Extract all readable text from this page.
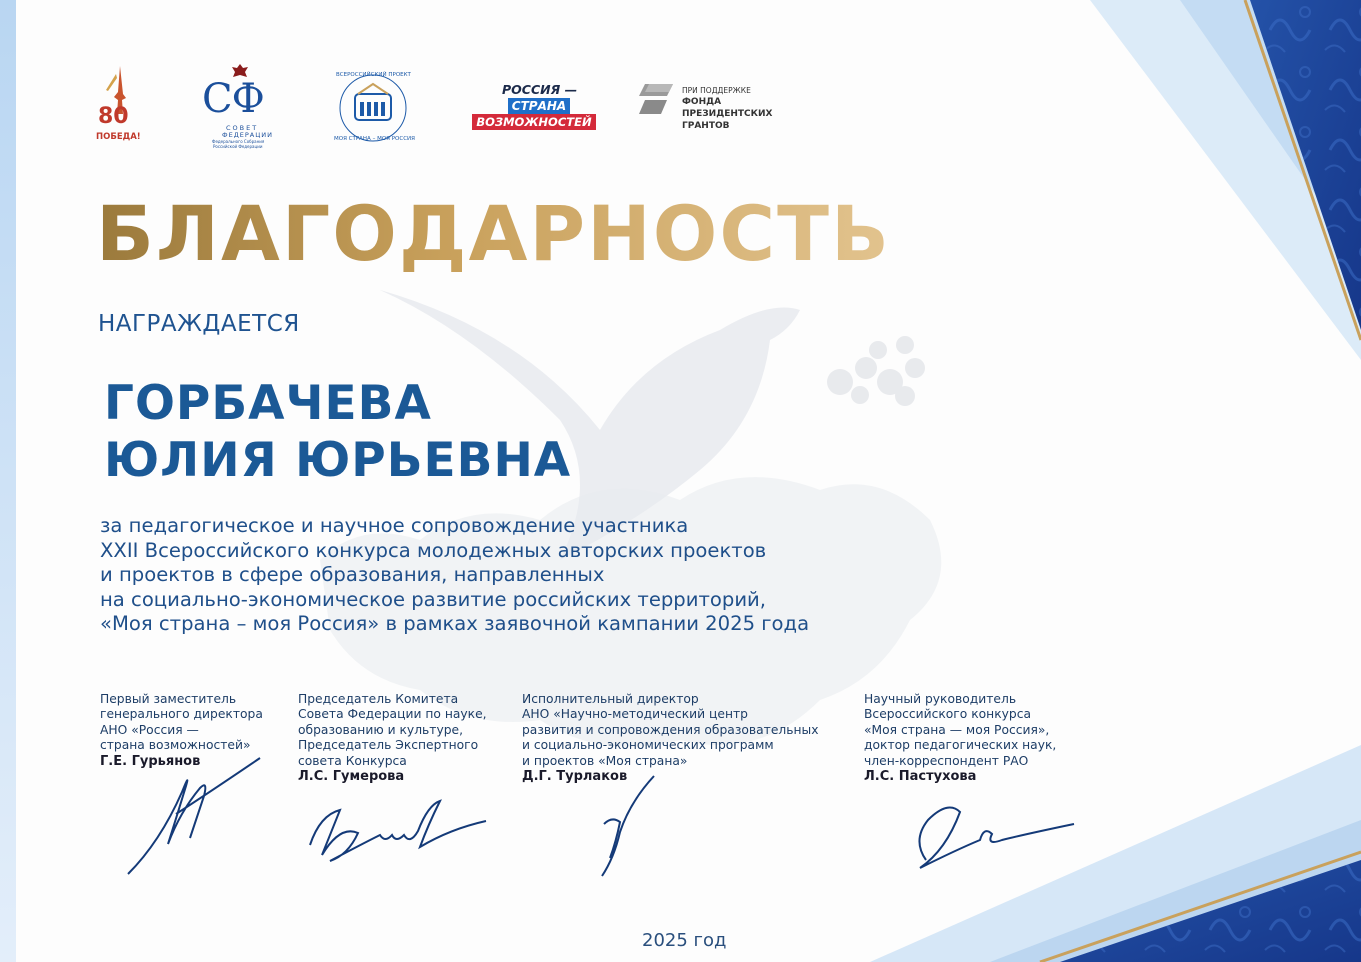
80
ПОБЕДА!
СФ
СОВЕТ
ФЕДЕРАЦИИ
Федерального Собрания
Российской Федерации
ВСЕРОССИЙСКИЙ ПРОЕКТ
МОЯ СТРАНА – МОЯ РОССИЯ
РОССИЯ —
СТРАНА
ВОЗМОЖНОСТЕЙ
ПРИ ПОДДЕРЖКЕ
ФОНДА
ПРЕЗИДЕНТСКИХ
ГРАНТОВ
БЛАГОДАРНОСТЬ
НАГРАЖДАЕТСЯ
ГОРБАЧЕВА
ЮЛИЯ ЮРЬЕВНА
за педагогическое и научное сопровождение участника
XXII Всероссийского конкурса молодежных авторских проектов
и проектов в сфере образования, направленных
на социально-экономическое развитие российских территорий,
«Моя страна – моя Россия» в рамках заявочной кампании 2025 года
Первый заместитель
генерального директора
АНО «Россия —
страна возможностей»
Г.Е. Гурьянов
Председатель Комитета
Совета Федерации по науке,
образованию и культуре,
Председатель Экспертного
совета Конкурса
Л.С. Гумерова
Исполнительный директор
АНО «Научно-методический центр
развития и сопровождения образовательных
и социально-экономических программ
и проектов «Моя страна»
Д.Г. Турлаков
Научный руководитель
Всероссийского конкурса
«Моя страна — моя Россия»,
доктор педагогических наук,
член-корреспондент РАО
Л.С. Пастухова
2025 год
